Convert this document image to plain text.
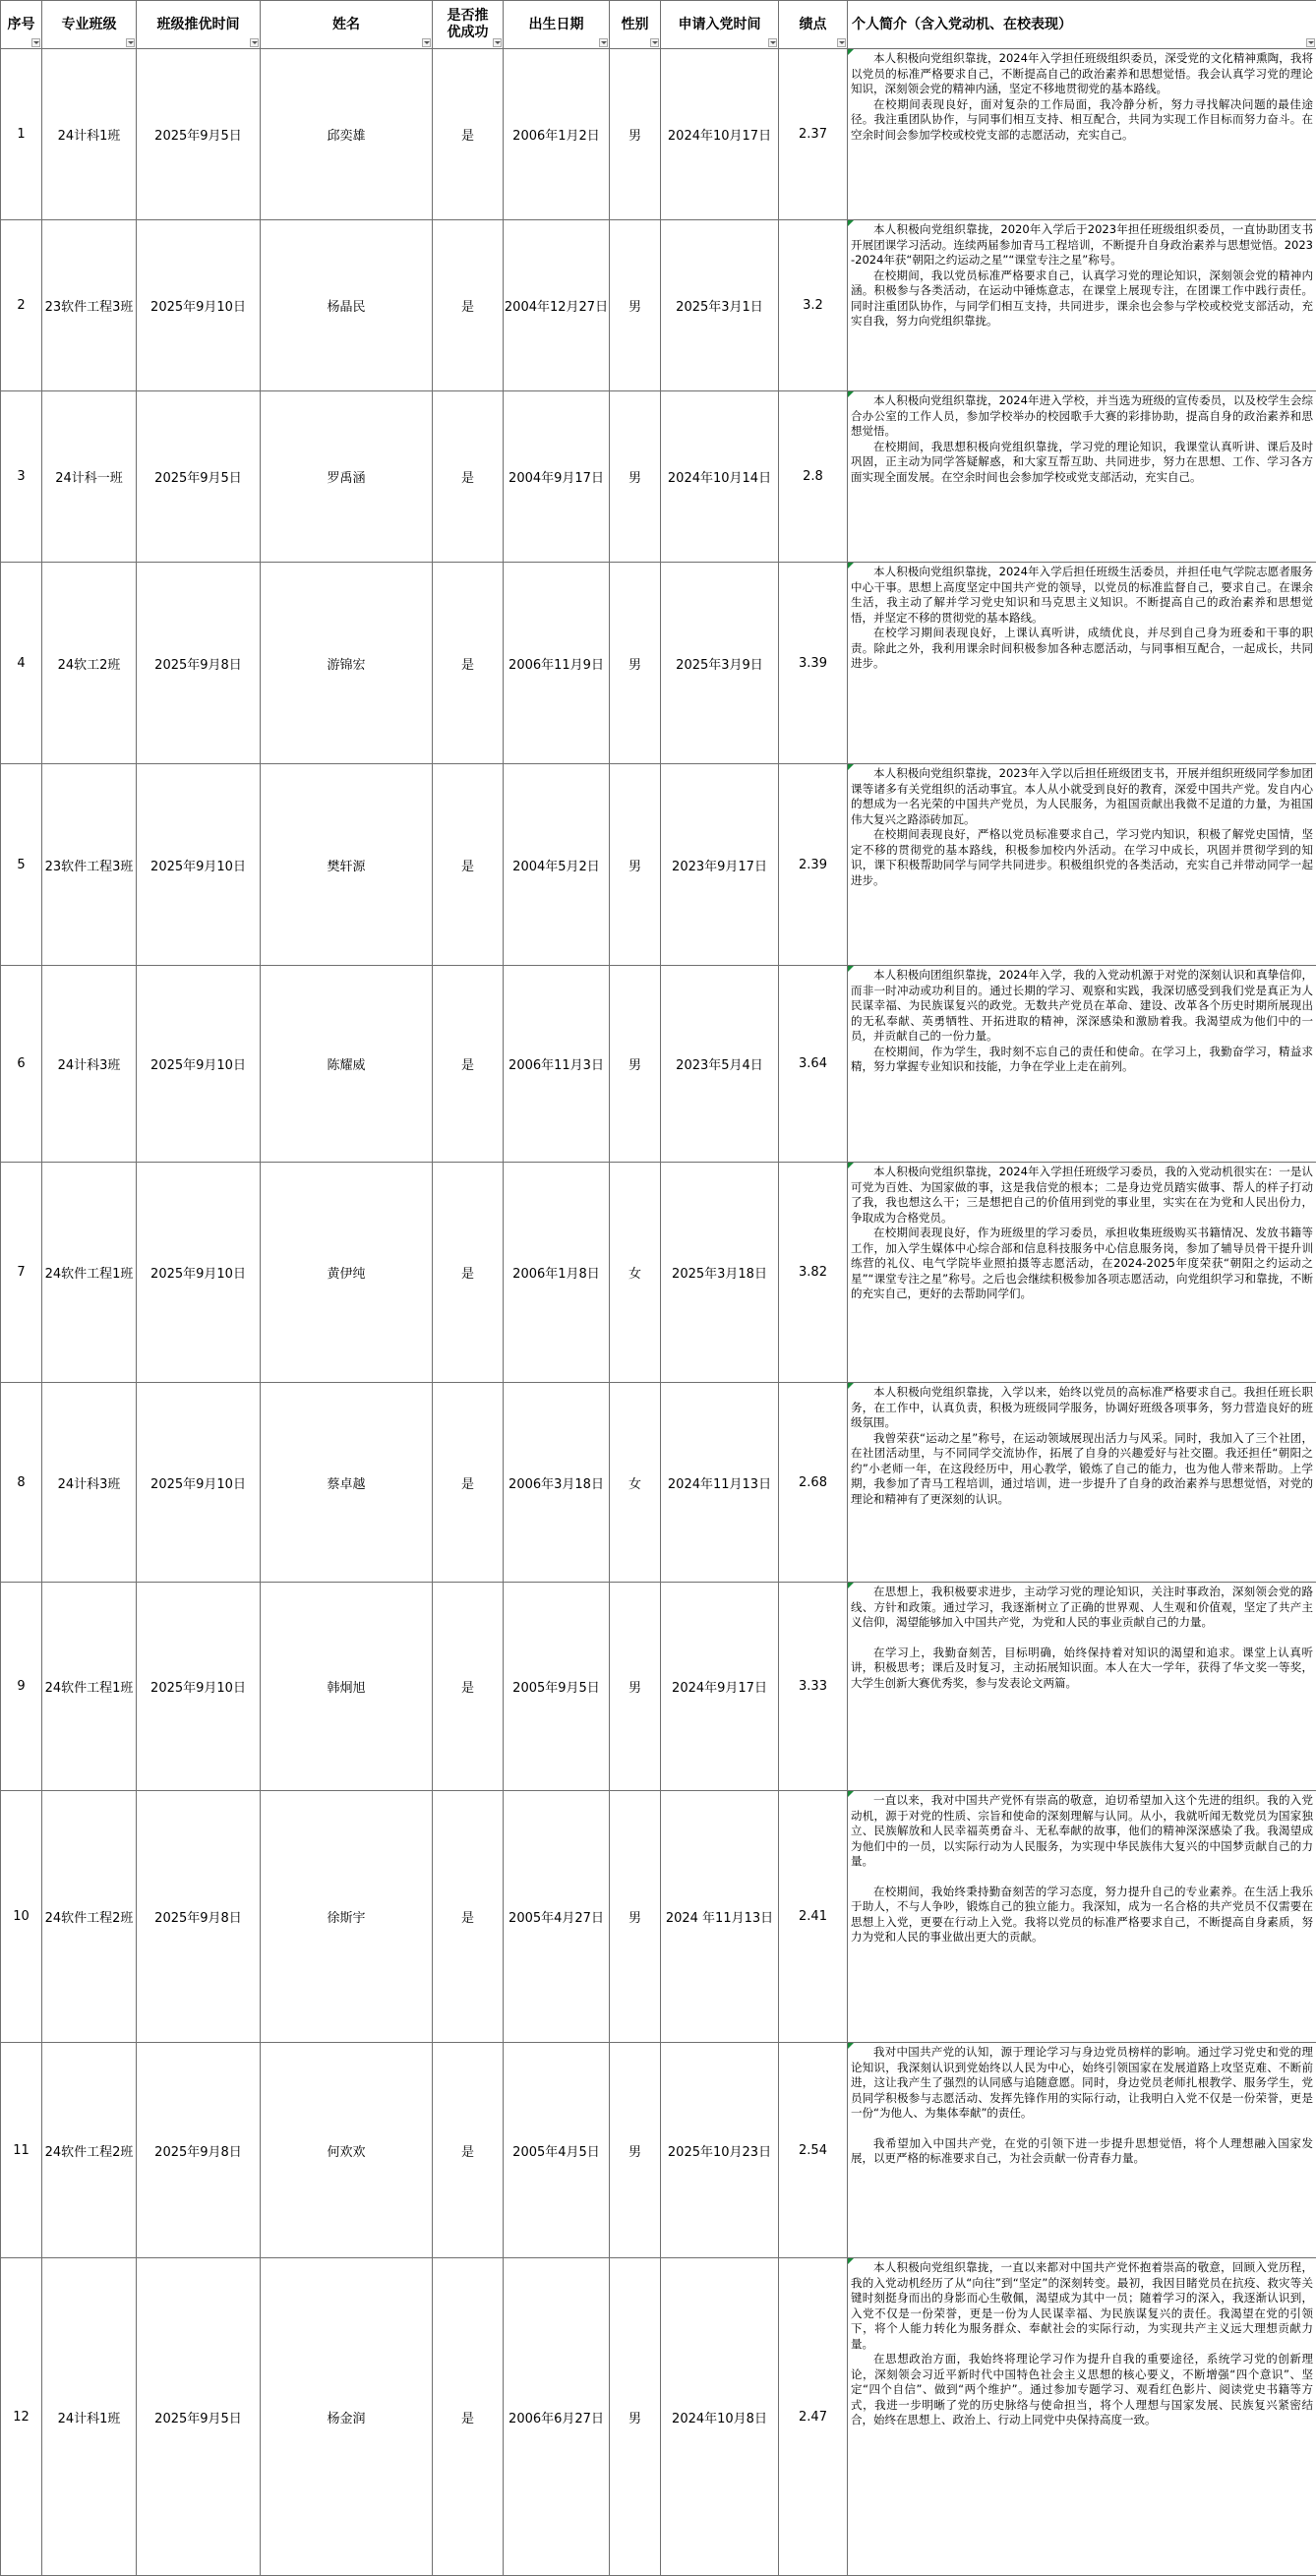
序号	专业班级	班级推优时间	姓名	是否推优成功	出生日期	性别	申请入党时间	绩点	个人简介（含入党动机、在校表现）

1	24计科1班	2025年9月5日	邱奕雄	是	2006年1月2日	男	2024年10月17日	2.37	本人积极向党组织靠拢，2024年入学担任班级组织委员，深受党的文化精神熏陶，我将以党员的标准严格要求自己，不断提高自己的政治素养和思想觉悟。我会认真学习党的理论知识，深刻领会党的精神内涵，坚定不移地贯彻党的基本路线。

在校期间表现良好，面对复杂的工作局面，我冷静分析，努力寻找解决问题的最佳途径。我注重团队协作，与同事们相互支持、相互配合，共同为实现工作目标而努力奋斗。在空余时间会参加学校或校党支部的志愿活动，充实自己。

2	23软件工程3班	2025年9月10日	杨晶民	是	2004年12月27日	男	2025年3月1日	3.2	本人积极向党组织靠拢，2020年入学后于2023年担任班级组织委员，一直协助团支书开展团课学习活动。连续两届参加青马工程培训，不断提升自身政治素养与思想觉悟。2023-2024年获“朝阳之约运动之星”“课堂专注之星”称号。

在校期间，我以党员标准严格要求自己，认真学习党的理论知识，深刻领会党的精神内涵。积极参与各类活动，在运动中锤炼意志，在课堂上展现专注，在团课工作中践行责任。同时注重团队协作，与同学们相互支持，共同进步，课余也会参与学校或校党支部活动，充实自我，努力向党组织靠拢。

3	24计科一班	2025年9月5日	罗禹涵	是	2004年9月17日	男	2024年10月14日	2.8	本人积极向党组织靠拢，2024年进入学校，并当选为班级的宣传委员，以及校学生会综合办公室的工作人员，参加学校举办的校园歌手大赛的彩排协助，提高自身的政治素养和思想觉悟。

在校期间，我思想积极向党组织靠拢，学习党的理论知识，我课堂认真听讲、课后及时巩固，正主动为同学答疑解惑，和大家互帮互助、共同进步，努力在思想、工作、学习各方面实现全面发展。在空余时间也会参加学校或党支部活动，充实自己。

4	24软工2班	2025年9月8日	游锦宏	是	2006年11月9日	男	2025年3月9日	3.39	本人积极向党组织靠拢，2024年入学后担任班级生活委员，并担任电气学院志愿者服务中心干事。思想上高度坚定中国共产党的领导，以党员的标准监督自己，要求自己。在课余生活，我主动了解并学习党史知识和马克思主义知识。不断提高自己的政治素养和思想觉悟，并坚定不移的贯彻党的基本路线。

在校学习期间表现良好，上课认真听讲，成绩优良，并尽到自己身为班委和干事的职责。除此之外，我利用课余时间积极参加各种志愿活动，与同事相互配合，一起成长，共同进步。

5	23软件工程3班	2025年9月10日	樊轩源	是	2004年5月2日	男	2023年9月17日	2.39	本人积极向党组织靠拢，2023年入学以后担任班级团支书，开展并组织班级同学参加团课等诸多有关党组织的活动事宜。本人从小就受到良好的教育，深爱中国共产党。发自内心的想成为一名光荣的中国共产党员，为人民服务，为祖国贡献出我微不足道的力量，为祖国伟大复兴之路添砖加瓦。

在校期间表现良好，严格以党员标准要求自己，学习党内知识，积极了解党史国情，坚定不移的贯彻党的基本路线，积极参加校内外活动。在学习中成长，巩固并贯彻学到的知识，课下积极帮助同学与同学共同进步。积极组织党的各类活动，充实自己并带动同学一起进步。

6	24计科3班	2025年9月10日	陈耀威	是	2006年11月3日	男	2023年5月4日	3.64	本人积极向团组织靠拢，2024年入学，我的入党动机源于对党的深刻认识和真挚信仰，而非一时冲动或功利目的。通过长期的学习、观察和实践，我深切感受到我们党是真正为人民谋幸福、为民族谋复兴的政党。无数共产党员在革命、建设、改革各个历史时期所展现出的无私奉献、英勇牺牲、开拓进取的精神，深深感染和激励着我。我渴望成为他们中的一员，并贡献自己的一份力量。

在校期间，作为学生，我时刻不忘自己的责任和使命。在学习上，我勤奋学习，精益求精，努力掌握专业知识和技能，力争在学业上走在前列。

7	24软件工程1班	2025年9月10日	黄伊纯	是	2006年1月8日	女	2025年3月18日	3.82	本人积极向党组织靠拢，2024年入学担任班级学习委员，我的入党动机很实在：一是认可党为百姓、为国家做的事，这是我信党的根本；二是身边党员踏实做事、帮人的样子打动了我，我也想这么干；三是想把自己的价值用到党的事业里，实实在在为党和人民出份力，争取成为合格党员。

在校期间表现良好，作为班级里的学习委员，承担收集班级购买书籍情况、发放书籍等工作，加入学生媒体中心综合部和信息科技服务中心信息服务岗，参加了辅导员骨干提升训练营的礼仪、电气学院毕业照拍摄等志愿活动，在2024-2025年度荣获“朝阳之约运动之星”“课堂专注之星”称号。之后也会继续积极参加各项志愿活动，向党组织学习和靠拢，不断的充实自己，更好的去帮助同学们。

8	24计科3班	2025年9月10日	蔡卓越	是	2006年3月18日	女	2024年11月13日	2.68	本人积极向党组织靠拢，入学以来，始终以党员的高标准严格要求自己。我担任班长职务，在工作中，认真负责，积极为班级同学服务，协调好班级各项事务，努力营造良好的班级氛围。

我曾荣获“运动之星”称号，在运动领域展现出活力与风采。同时，我加入了三个社团，在社团活动里，与不同同学交流协作，拓展了自身的兴趣爱好与社交圈。我还担任“朝阳之约”小老师一年，在这段经历中，用心教学，锻炼了自己的能力，也为他人带来帮助。上学期，我参加了青马工程培训，通过培训，进一步提升了自身的政治素养与思想觉悟，对党的理论和精神有了更深刻的认识。

9	24软件工程1班	2025年9月10日	韩炯旭	是	2005年9月5日	男	2024年9月17日	3.33	在思想上，我积极要求进步，主动学习党的理论知识，关注时事政治，深刻领会党的路线、方针和政策。通过学习，我逐渐树立了正确的世界观、人生观和价值观，坚定了共产主义信仰，渴望能够加入中国共产党，为党和人民的事业贡献自己的力量。

在学习上，我勤奋刻苦，目标明确，始终保持着对知识的渴望和追求。课堂上认真听讲，积极思考；课后及时复习，主动拓展知识面。本人在大一学年，获得了华文奖一等奖，大学生创新大赛优秀奖，参与发表论文两篇。

10	24软件工程2班	2025年9月8日	徐斯宇	是	2005年4月27日	男	2024 年11月13日	2.41	一直以来，我对中国共产党怀有崇高的敬意，迫切希望加入这个先进的组织。我的入党动机，源于对党的性质、宗旨和使命的深刻理解与认同。从小，我就听闻无数党员为国家独立、民族解放和人民幸福英勇奋斗、无私奉献的故事，他们的精神深深感染了我。我渴望成为他们中的一员，以实际行动为人民服务，为实现中华民族伟大复兴的中国梦贡献自己的力量。

在校期间，我始终秉持勤奋刻苦的学习态度，努力提升自己的专业素养。在生活上我乐于助人，不与人争吵，锻炼自己的独立能力。我深知，成为一名合格的共产党员不仅需要在思想上入党，更要在行动上入党。我将以党员的标准严格要求自己，不断提高自身素质，努力为党和人民的事业做出更大的贡献。

11	24软件工程2班	2025年9月8日	何欢欢	是	2005年4月5日	男	2025年10月23日	2.54	我对中国共产党的认知，源于理论学习与身边党员榜样的影响。通过学习党史和党的理论知识，我深刻认识到党始终以人民为中心，始终引领国家在发展道路上攻坚克难、不断前进，这让我产生了强烈的认同感与追随意愿。同时，身边党员老师扎根教学、服务学生，党员同学积极参与志愿活动、发挥先锋作用的实际行动，让我明白入党不仅是一份荣誉，更是一份“为他人、为集体奉献”的责任。

我希望加入中国共产党，在党的引领下进一步提升思想觉悟，将个人理想融入国家发展，以更严格的标准要求自己，为社会贡献一份青春力量。

12	24计科1班	2025年9月5日	杨金润	是	2006年6月27日	男	2024年10月8日	2.47	本人积极向党组织靠拢，一直以来都对中国共产党怀抱着崇高的敬意，回顾入党历程，我的入党动机经历了从“向往”到“坚定”的深刻转变。最初，我因目睹党员在抗疫、救灾等关键时刻挺身而出的身影而心生敬佩，渴望成为其中一员；随着学习的深入，我逐渐认识到，入党不仅是一份荣誉，更是一份为人民谋幸福、为民族谋复兴的责任。我渴望在党的引领下，将个人能力转化为服务群众、奉献社会的实际行动，为实现共产主义远大理想贡献力量。

在思想政治方面，我始终将理论学习作为提升自我的重要途径，系统学习党的创新理论，深刻领会习近平新时代中国特色社会主义思想的核心要义，不断增强“四个意识”、坚定“四个自信”、做到“两个维护”。通过参加专题学习、观看红色影片、阅读党史书籍等方式，我进一步明晰了党的历史脉络与使命担当，将个人理想与国家发展、民族复兴紧密结合，始终在思想上、政治上、行动上同党中央保持高度一致。
